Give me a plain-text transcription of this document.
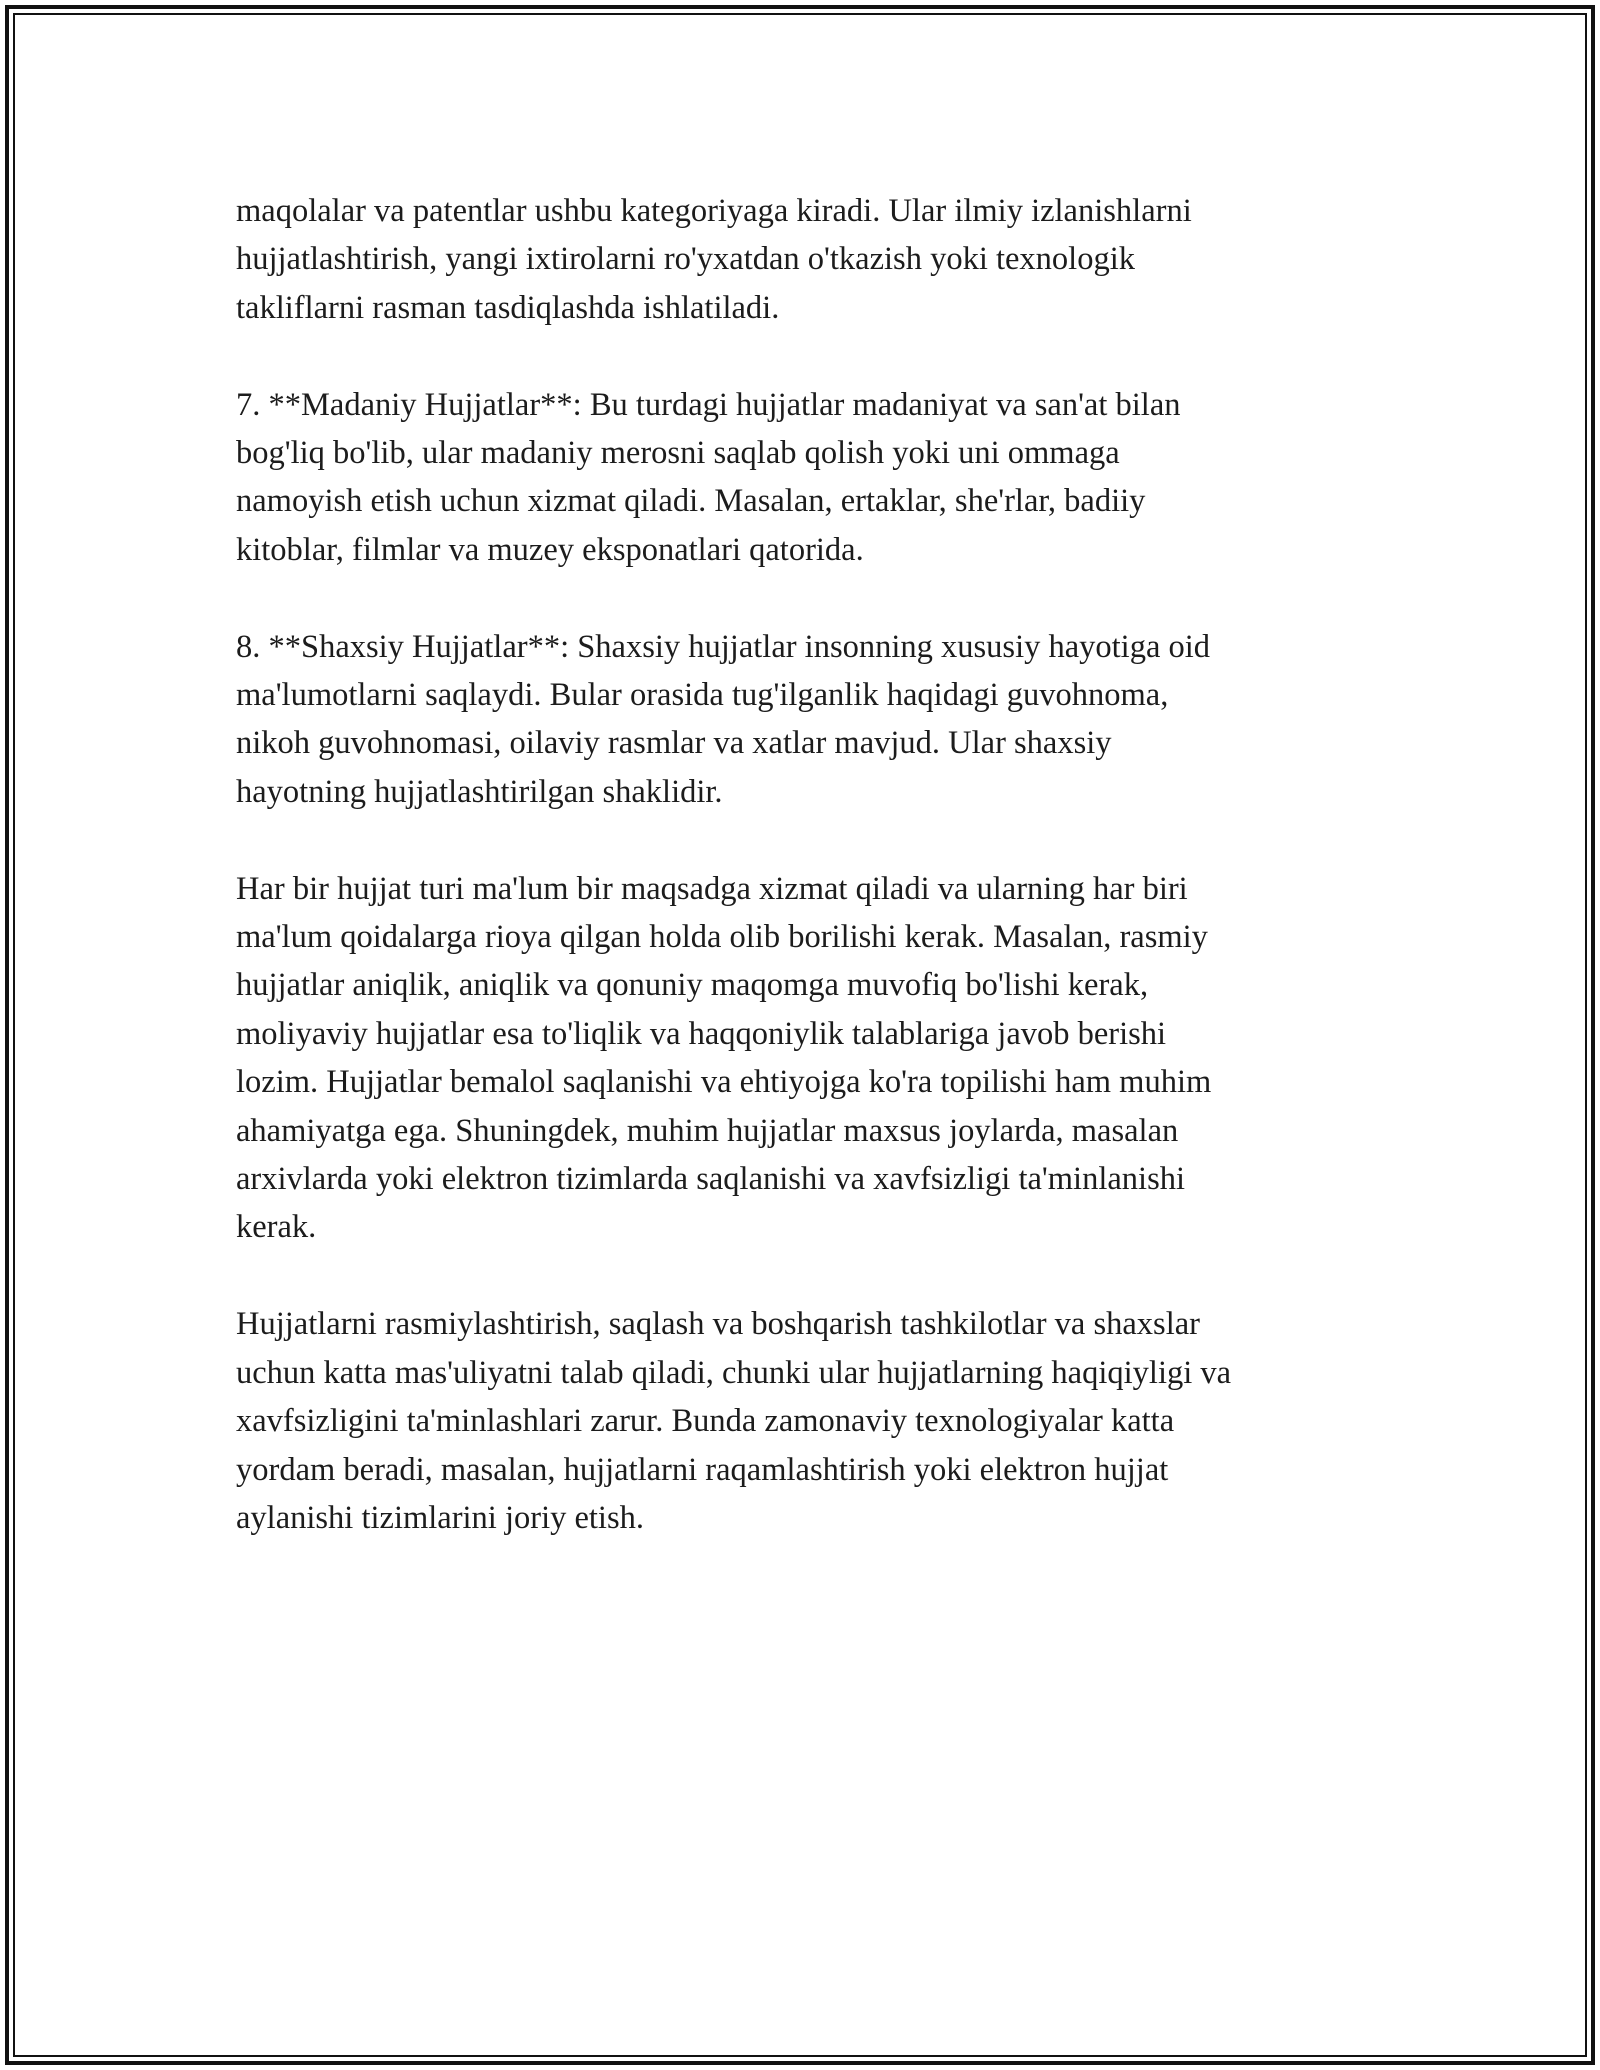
maqolalar va patentlar ushbu kategoriyaga kiradi. Ular ilmiy izlanishlarni
hujjatlashtirish, yangi ixtirolarni ro'yxatdan o'tkazish yoki texnologik
takliflarni rasman tasdiqlashda ishlatiladi.

7. **Madaniy Hujjatlar**: Bu turdagi hujjatlar madaniyat va san'at bilan
bog'liq bo'lib, ular madaniy merosni saqlab qolish yoki uni ommaga
namoyish etish uchun xizmat qiladi. Masalan, ertaklar, she'rlar, badiiy
kitoblar, filmlar va muzey eksponatlari qatorida.

8. **Shaxsiy Hujjatlar**: Shaxsiy hujjatlar insonning xususiy hayotiga oid
ma'lumotlarni saqlaydi. Bular orasida tug'ilganlik haqidagi guvohnoma,
nikoh guvohnomasi, oilaviy rasmlar va xatlar mavjud. Ular shaxsiy
hayotning hujjatlashtirilgan shaklidir.

Har bir hujjat turi ma'lum bir maqsadga xizmat qiladi va ularning har biri
ma'lum qoidalarga rioya qilgan holda olib borilishi kerak. Masalan, rasmiy
hujjatlar aniqlik, aniqlik va qonuniy maqomga muvofiq bo'lishi kerak,
moliyaviy hujjatlar esa to'liqlik va haqqoniylik talablariga javob berishi
lozim. Hujjatlar bemalol saqlanishi va ehtiyojga ko'ra topilishi ham muhim
ahamiyatga ega. Shuningdek, muhim hujjatlar maxsus joylarda, masalan
arxivlarda yoki elektron tizimlarda saqlanishi va xavfsizligi ta'minlanishi
kerak.

Hujjatlarni rasmiylashtirish, saqlash va boshqarish tashkilotlar va shaxslar
uchun katta mas'uliyatni talab qiladi, chunki ular hujjatlarning haqiqiyligi va
xavfsizligini ta'minlashlari zarur. Bunda zamonaviy texnologiyalar katta
yordam beradi, masalan, hujjatlarni raqamlashtirish yoki elektron hujjat
aylanishi tizimlarini joriy etish.
